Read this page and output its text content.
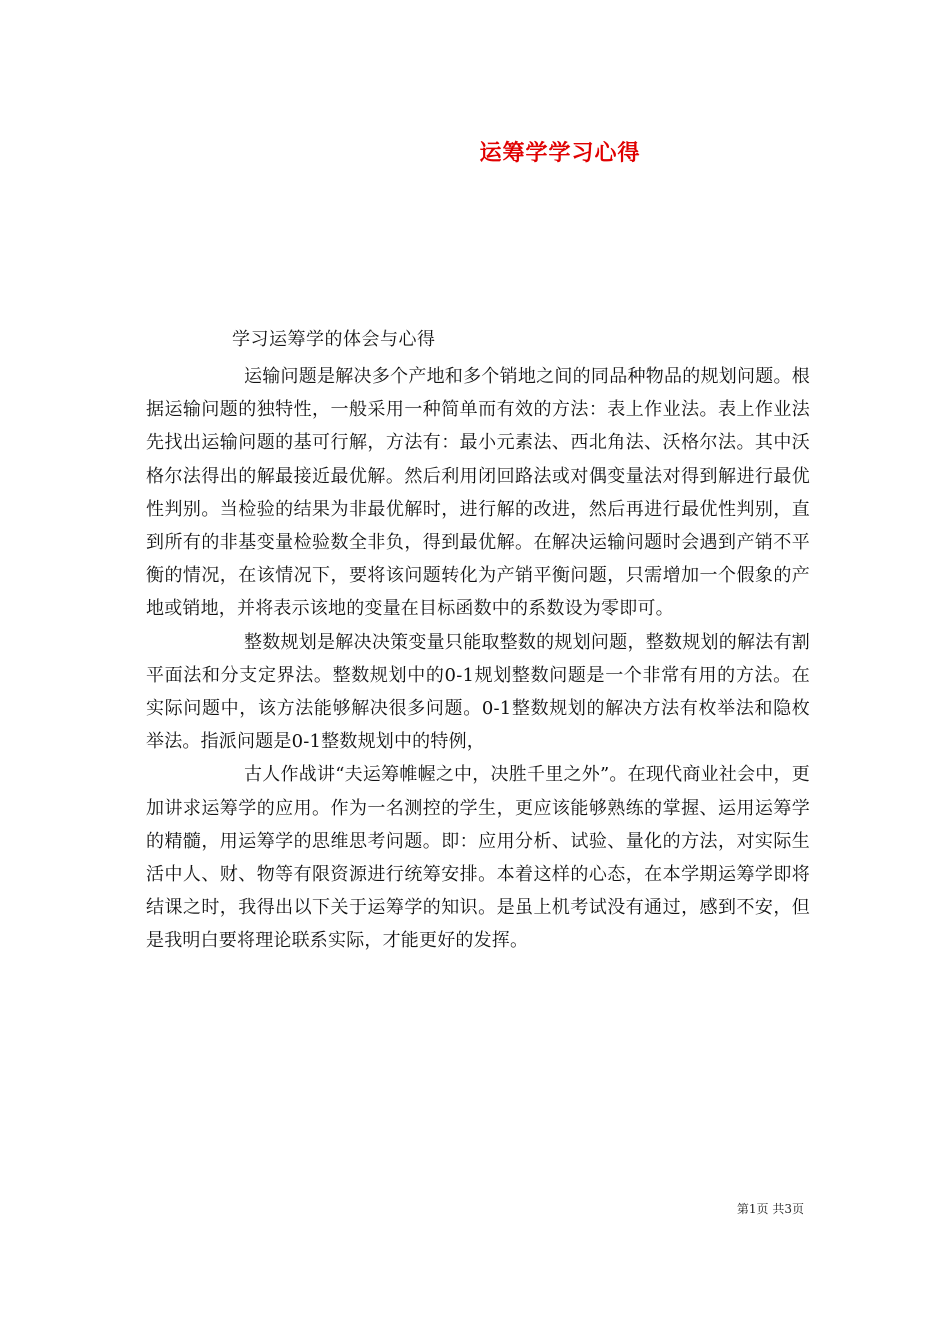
运筹学学习心得
学习运筹学的体会与心得

运输问题是解决多个产地和多个销地之间的同品种物品的规划问题。根据运输问题的独特性，一般采用一种简单而有效的方法：表上作业法。表上作业法先找出运输问题的基可行解，方法有：最小元素法、西北角法、沃格尔法。其中沃格尔法得出的解最接近最优解。然后利用闭回路法或对偶变量法对得到解进行最优性判别。当检验的结果为非最优解时，进行解的改进，然后再进行最优性判别，直到所有的非基变量检验数全非负，得到最优解。在解决运输问题时会遇到产销不平衡的情况，在该情况下，要将该问题转化为产销平衡问题，只需增加一个假象的产地或销地，并将表示该地的变量在目标函数中的系数设为零即可。

整数规划是解决决策变量只能取整数的规划问题，整数规划的解法有割平面法和分支定界法。整数规划中的0-1规划整数问题是一个非常有用的方法。在实际问题中，该方法能够解决很多问题。0-1整数规划的解决方法有枚举法和隐枚举法。指派问题是0-1整数规划中的特例，

古人作战讲“夫运筹帷幄之中，决胜千里之外”。在现代商业社会中，更加讲求运筹学的应用。作为一名测控的学生，更应该能够熟练的掌握、运用运筹学的精髓，用运筹学的思维思考问题。即：应用分析、试验、量化的方法，对实际生活中人、财、物等有限资源进行统筹安排。本着这样的心态，在本学期运筹学即将结课之时，我得出以下关于运筹学的知识。是虽上机考试没有通过，感到不安，但是我明白要将理论联系实际，才能更好的发挥。

第1页 共3页
